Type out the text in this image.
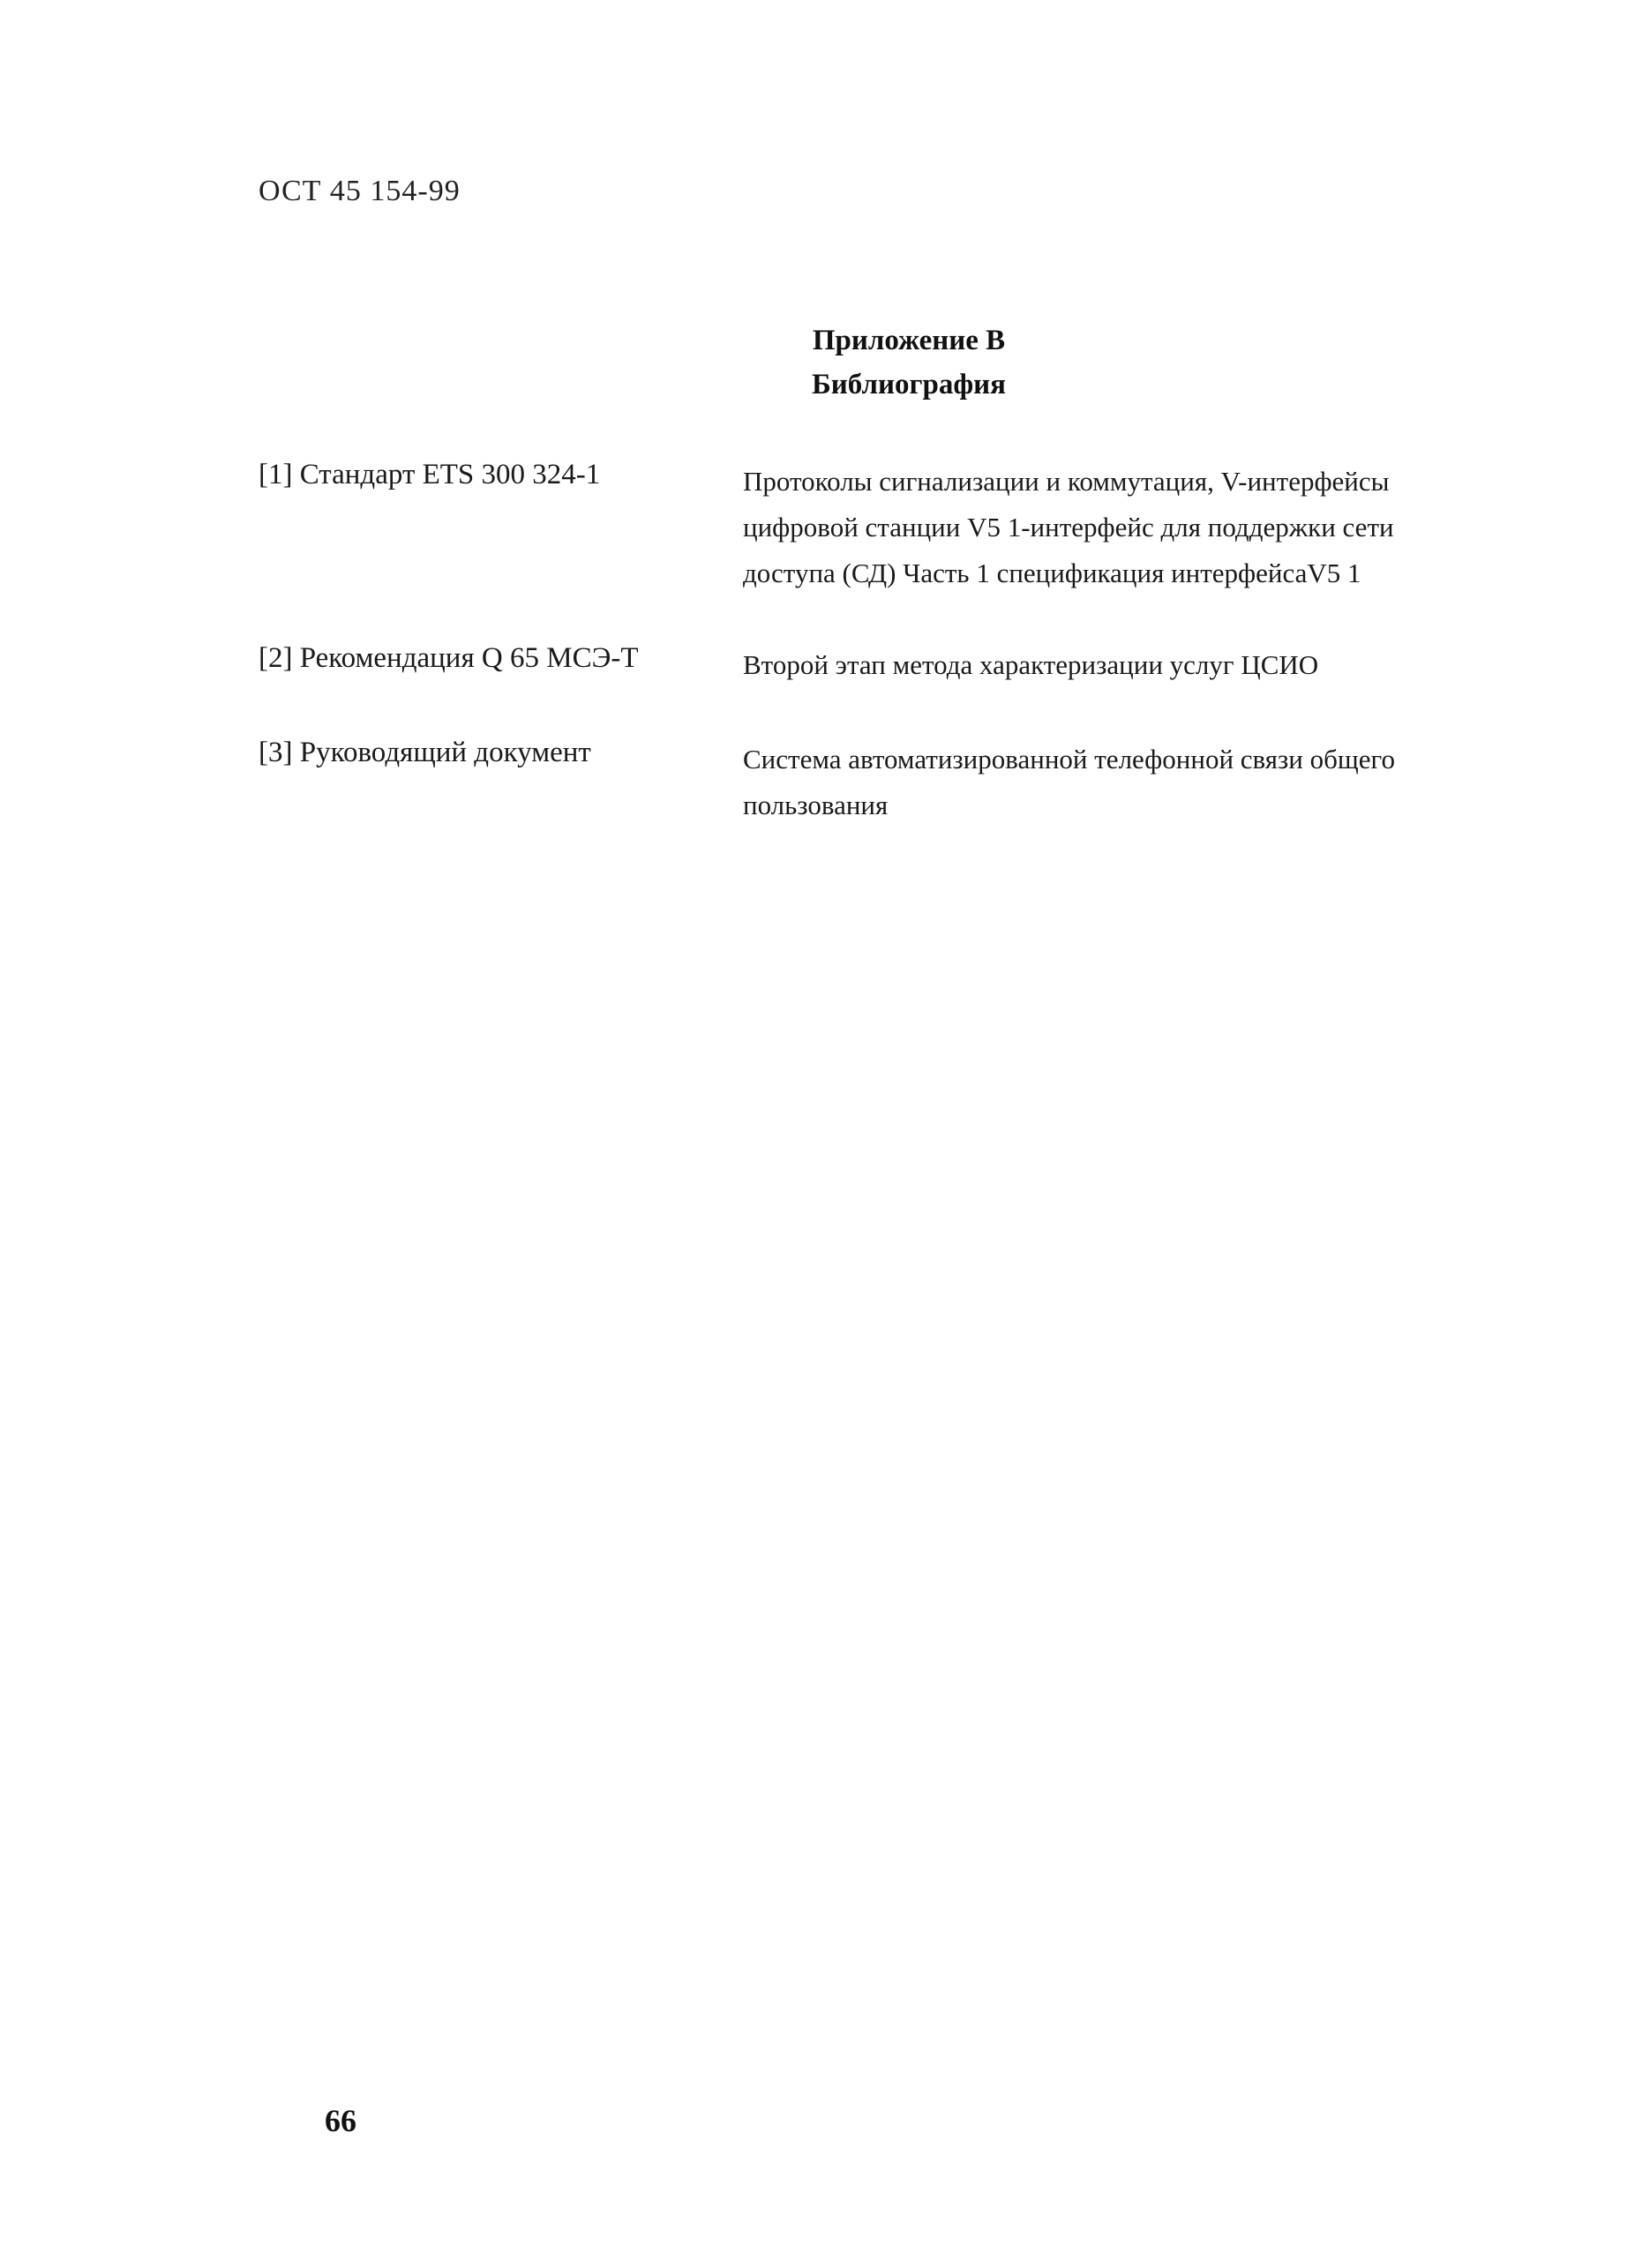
ОСТ 45 154-99
Приложение В
Библиография
[1] Стандарт ETS 300 324-1	Протоколы сигнализации и коммутация, V-интерфейсы
цифровой станции V5 1-интерфейс для поддержки сети
доступа (СД) Часть 1 спецификация интерфейсаV5 1
[2] Рекомендация Q 65 МСЭ-Т	Второй этап метода характеризации услуг ЦСИО
[3] Руководящий документ	Система автоматизированной телефонной связи общего
пользования
66
